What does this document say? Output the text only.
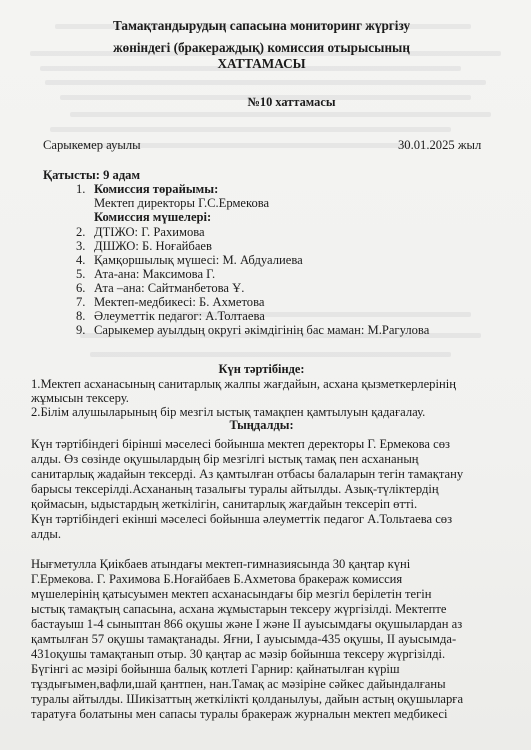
Тамақтандырудың сапасына мониторинг жүргізу
жөніндегі (бракераждық) комиссия отырысының
ХАТТАМАСЫ
№10 хаттамасы
Сарыкемер ауылы	30.01.2025 жыл
Қатысты: 9 адам
1. Комиссия төрайымы:
Мектеп директоры Г.С.Ермекова
Комиссия мүшелері:
2. ДТІЖО: Г. Рахимова
3. ДШЖО: Б. Ноғайбаев
4. Қамқоршылық мүшесі: М. Абдуалиева
5. Ата-ана: Максимова Г.
6. Ата –ана: Сайтманбетова Ұ.
7. Мектеп-медбикесі: Б. Ахметова
8. Әлеуметтік педагог: А.Толтаева
9. Сарыкемер ауылдың округі әкімдігінің бас маман: М.Рагулова
Күн тәртібінде:
1.Мектеп асханасының санитарлық жалпы жағдайын, асхана қызметкерлерінің
жұмысын тексеру.
2.Білім алушыларының бір мезгіл ыстық тамақпен қамтылуын қадағалау.
Тыңдалды:
Күн тәртібіндегі бірінші мәселесі бойынша мектеп деректоры Г. Ермекова сөз
алды. Өз сөзінде оқушылардың бір мезгілгі ыстық тамақ пен асхананың
санитарлық жадайын тексерді. Аз қамтылған отбасы балаларын тегін тамақтану
барысы тексерілді.Асхананың тазалығы туралы айтылды. Азық-түліктердің
қоймасын, ыдыстардың жеткілігін, санитарлық жағдайын тексеріп өтті.
Күн тәртібіндегі екінші мәселесі бойынша әлеуметтік педагог А.Тольтаева сөз
алды.
Нығметулла Қиікбаев атындағы мектеп-гимназиясында 30 қаңтар күні
Г.Ермекова. Г. Рахимова Б.Ноғайбаев Б.Ахметова бракераж комиссия
мүшелерінің қатысуымен мектеп асханасындағы бір мезгіл берілетін тегін
ыстық тамақтың сапасына, асхана жұмыстарын тексеру жүргізілді. Мектепте
бастауыш 1-4 сыныптан 866 оқушы және І және ІІ ауысымдағы оқушылардан аз
қамтылған 57 оқушы тамақтанады. Яғни, І ауысымда-435 оқушы, ІІ ауысымда-
431оқушы тамақтанып отыр. 30 қаңтар ас мәзір бойынша тексеру жүргізілді.
Бүгінгі ас мәзірі бойынша балық котлеті Гарнир: қайнатылған күріш
тұздығымен,вафли,шай қантпен, нан.Тамақ ас мәзіріне сәйкес дайындалғаны
туралы айтылды. Шикізаттың жеткілікті қолданылуы, дайын астың оқушыларға
таратуға болатыны мен сапасы туралы бракераж журналын мектеп медбикесі
